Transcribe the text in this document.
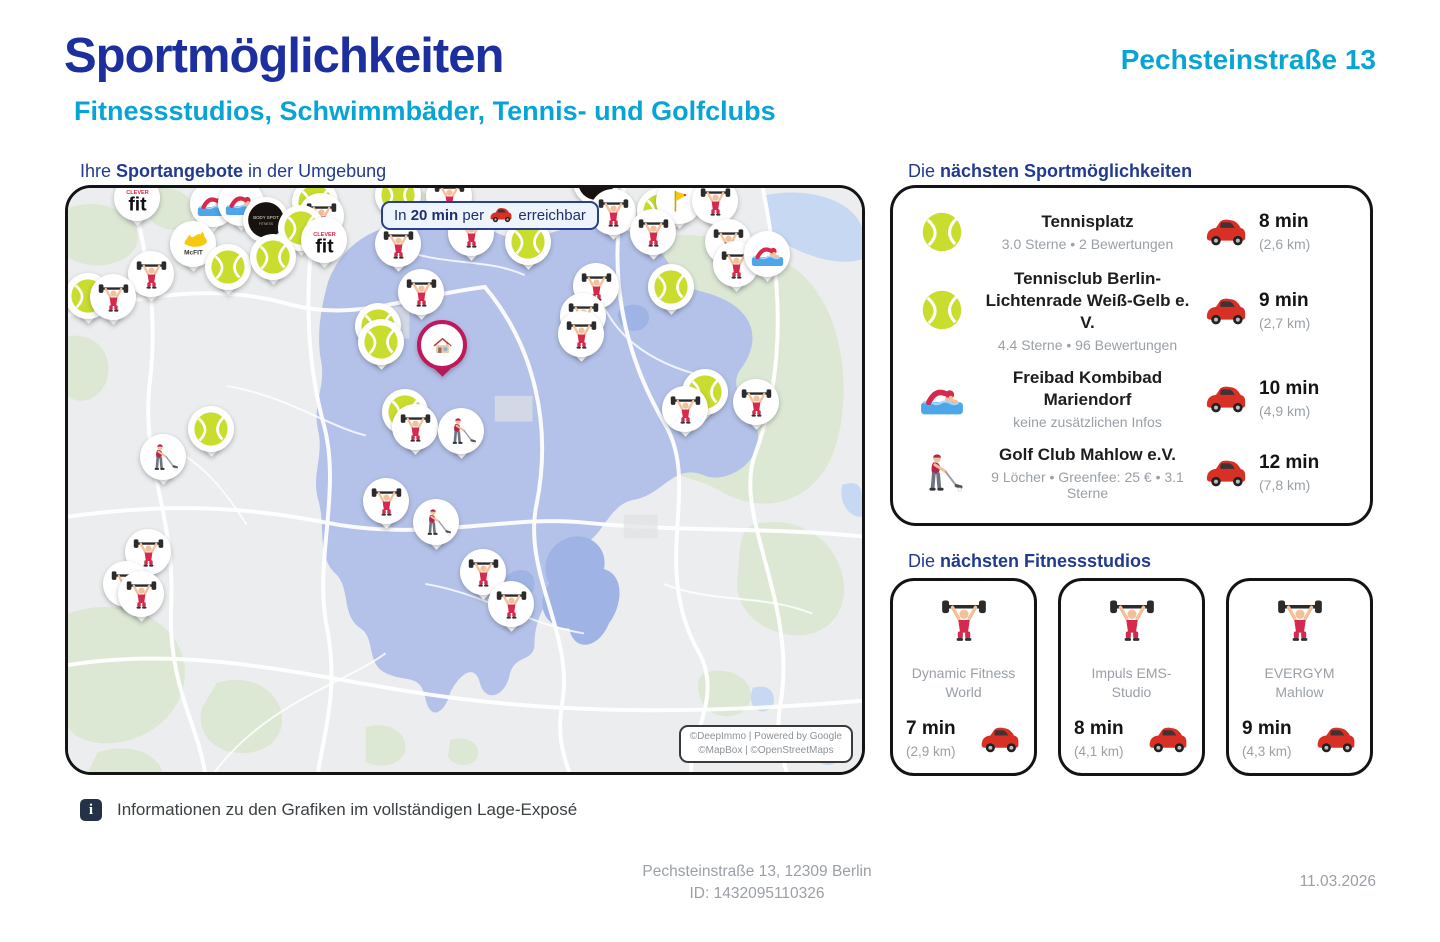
Sportmöglichkeiten	Pechsteinstraße 13
Fitnessstudios, Schwimmbäder, Tennis- und Golfclubs
Ihre Sportangebote in der Umgebung
In 20 min per  erreichbar
©DeepImmo | Powered by Google
©MapBox | ©OpenStreetMaps
Die nächsten Sportmöglichkeiten
Tennisplatz
3.0 Sterne • 2 Bewertungen
8 min
(2,6 km)
Tennisclub Berlin-Lichtenrade Weiß-Gelb e. V.
4.4 Sterne • 96 Bewertungen
9 min
(2,7 km)
Freibad Kombibad Mariendorf
keine zusätzlichen Infos
10 min
(4,9 km)
Golf Club Mahlow e.V.
9 Löcher • Greenfee: 25 € • 3.1 Sterne
12 min
(7,8 km)
Die nächsten Fitnessstudios
Dynamic Fitness World
7 min
(2,9 km)
Impuls EMS-Studio
8 min
(4,1 km)
EVERGYM Mahlow
9 min
(4,3 km)
i	Informationen zu den Grafiken im vollständigen Lage-Exposé
Pechsteinstraße 13, 12309 Berlin
ID: 1432095110326
11.03.2026
